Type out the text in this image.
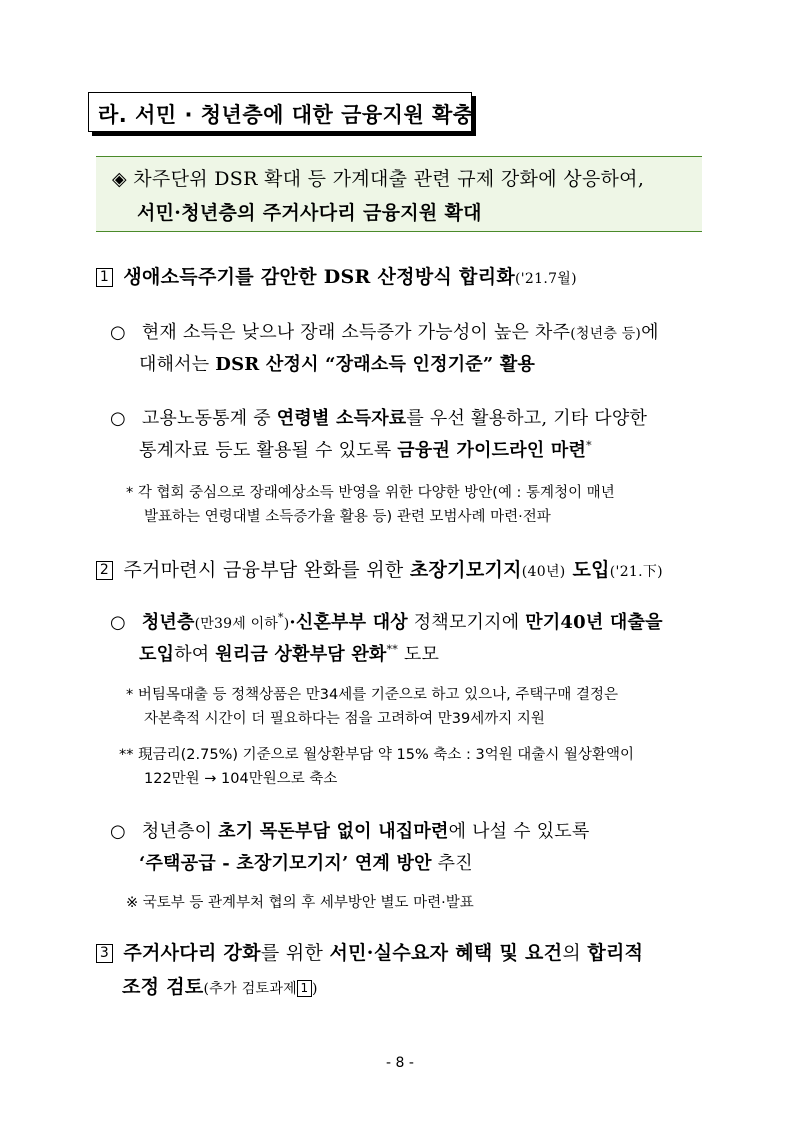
라. 서민 · 청년층에 대한 금융지원 확충
◈ 차주단위 DSR 확대 등 가계대출 관련 규제 강화에 상응하여,
서민·청년층의 주거사다리 금융지원 확대
1 생애소득주기를 감안한 DSR 산정방식 합리화('21.7월)
○ 현재 소득은 낮으나 장래 소득증가 가능성이 높은 차주(청년층 등)에
대해서는 DSR 산정시 “장래소득 인정기준” 활용
○ 고용노동통계 중 연령별 소득자료를 우선 활용하고, 기타 다양한
통계자료 등도 활용될 수 있도록 금융권 가이드라인 마련*
* 각 협회 중심으로 장래예상소득 반영을 위한 다양한 방안(예 : 통계청이 매년
발표하는 연령대별 소득증가율 활용 등) 관련 모범사례 마련·전파
2 주거마련시 금융부담 완화를 위한 초장기모기지(40년) 도입('21.下)
○ 청년층(만39세 이하*)·신혼부부 대상 정책모기지에 만기40년 대출을
도입하여 원리금 상환부담 완화** 도모
* 버팀목대출 등 정책상품은 만34세를 기준으로 하고 있으나, 주택구매 결정은
자본축적 시간이 더 필요하다는 점을 고려하여 만39세까지 지원
** 現금리(2.75%) 기준으로 월상환부담 약 15% 축소 : 3억원 대출시 월상환액이
122만원 → 104만원으로 축소
○ 청년층이 초기 목돈부담 없이 내집마련에 나설 수 있도록
‘주택공급 - 초장기모기지’ 연계 방안 추진
※ 국토부 등 관계부처 협의 후 세부방안 별도 마련·발표
3 주거사다리 강화를 위한 서민·실수요자 혜택 및 요건의 합리적
조정 검토(추가 검토과제 1 )
- 8 -
